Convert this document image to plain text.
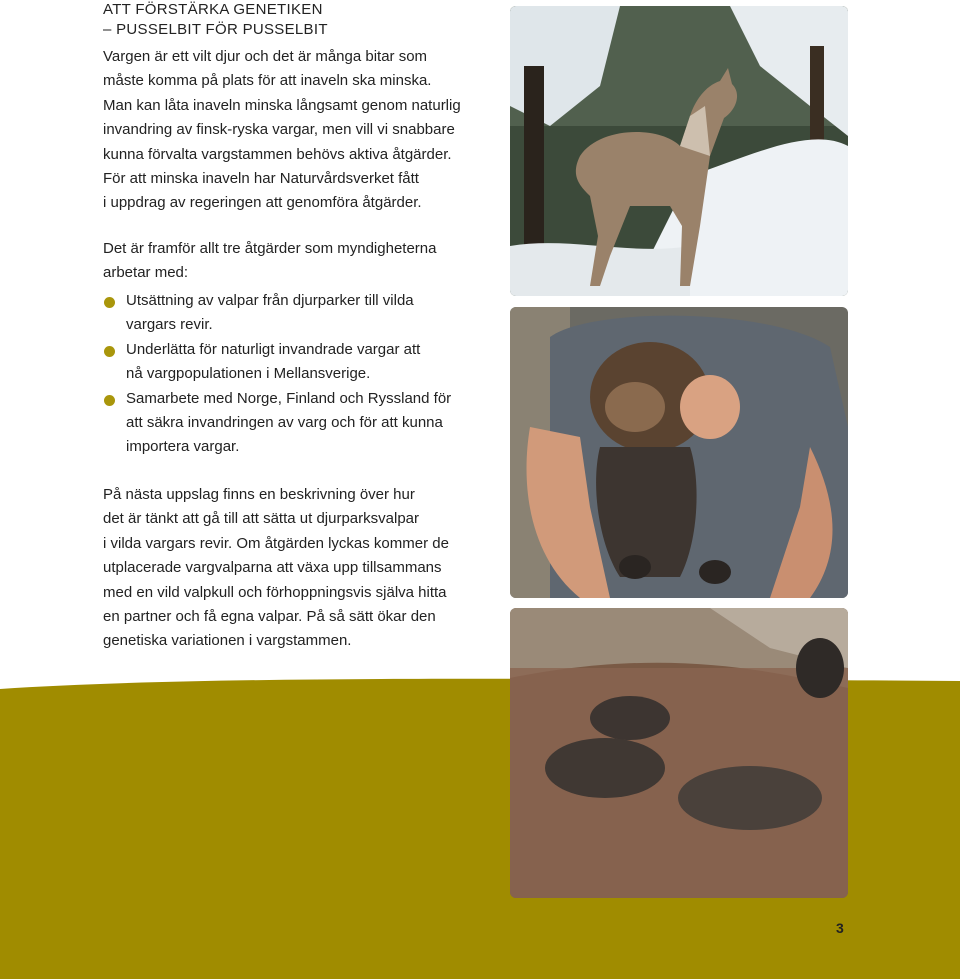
ATT FÖRSTÄRKA GENETIKEN
– PUSSELBIT FÖR PUSSELBIT
Vargen är ett vilt djur och det är många bitar som
måste komma på plats för att inaveln ska minska.
Man kan låta inaveln minska långsamt genom naturlig
invandring av finsk-ryska vargar, men vill vi snabbare
kunna förvalta vargstammen behövs aktiva åtgärder.
För att minska inaveln har Naturvårdsverket fått
i uppdrag av regeringen att genomföra åtgärder.
Det är framför allt tre åtgärder som myndigheterna
arbetar med:
Utsättning av valpar från djurparker till vilda
vargars revir.
Underlätta för naturligt invandrade vargar att
nå vargpopulationen i Mellansverige.
Samarbete med Norge, Finland och Ryssland för
att säkra invandringen av varg och för att kunna
importera vargar.
På nästa uppslag finns en beskrivning över hur
det är tänkt att gå till att sätta ut djurparksvalpar
i vilda vargars revir. Om åtgärden lyckas kommer de
utplacerade vargvalparna att växa upp tillsammans
med en vild valpkull och förhoppningsvis själva hitta
en partner och få egna valpar. På så sätt ökar den
genetiska variationen i vargstammen.
3
